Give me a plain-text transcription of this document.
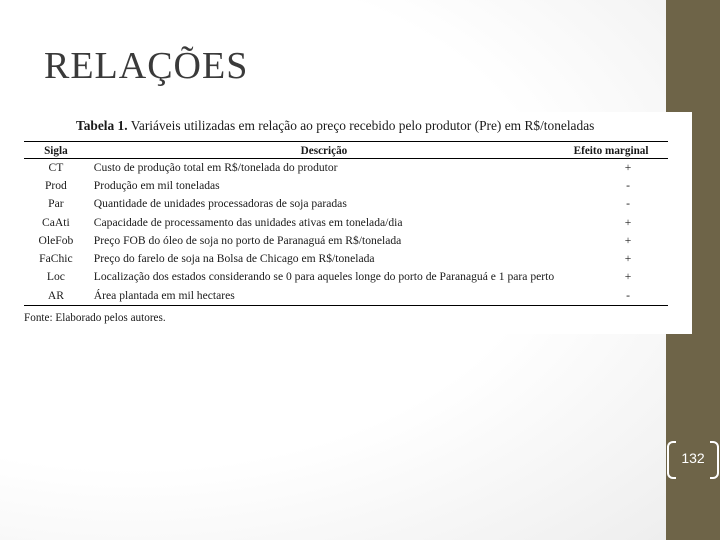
RELAÇÕES
Tabela 1. Variáveis utilizadas em relação ao preço recebido pelo produtor (Pre) em R$/toneladas
Sigla	Descrição	Efeito marginal
CT	Custo de produção total em R$/tonelada do produtor	+
Prod	Produção em mil toneladas	-
Par	Quantidade de unidades processadoras de soja paradas	-
CaAti	Capacidade de processamento das unidades ativas em tonelada/dia	+
OleFob	Preço FOB do óleo de soja no porto de Paranaguá em R$/tonelada	+
FaChic	Preço do farelo de soja na Bolsa de Chicago em R$/tonelada	+
Loc	Localização dos estados considerando se 0 para aqueles longe do porto de Paranaguá e 1 para perto	+
AR	Área plantada em mil hectares	-
Fonte: Elaborado pelos autores.
132
